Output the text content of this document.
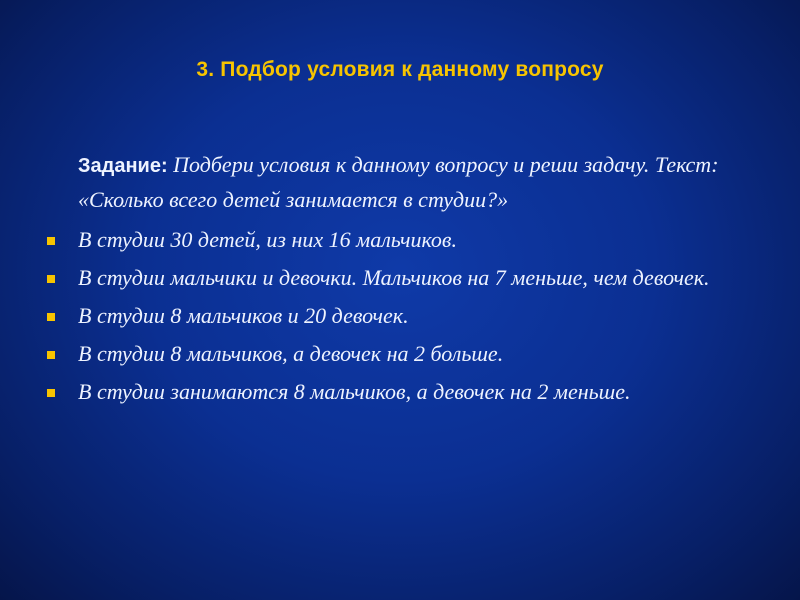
3. Подбор условия к данному вопросу
Задание: Подбери условия к данному вопросу и реши задачу. Текст: «Сколько всего детей занимается в студии?»
В студии 30 детей, из них 16 мальчиков.
В студии мальчики и девочки. Мальчиков на 7 меньше, чем девочек.
В студии 8 мальчиков и 20 девочек.
В студии 8 мальчиков, а девочек на 2 больше.
В студии занимаются 8 мальчиков, а девочек на 2 меньше.
